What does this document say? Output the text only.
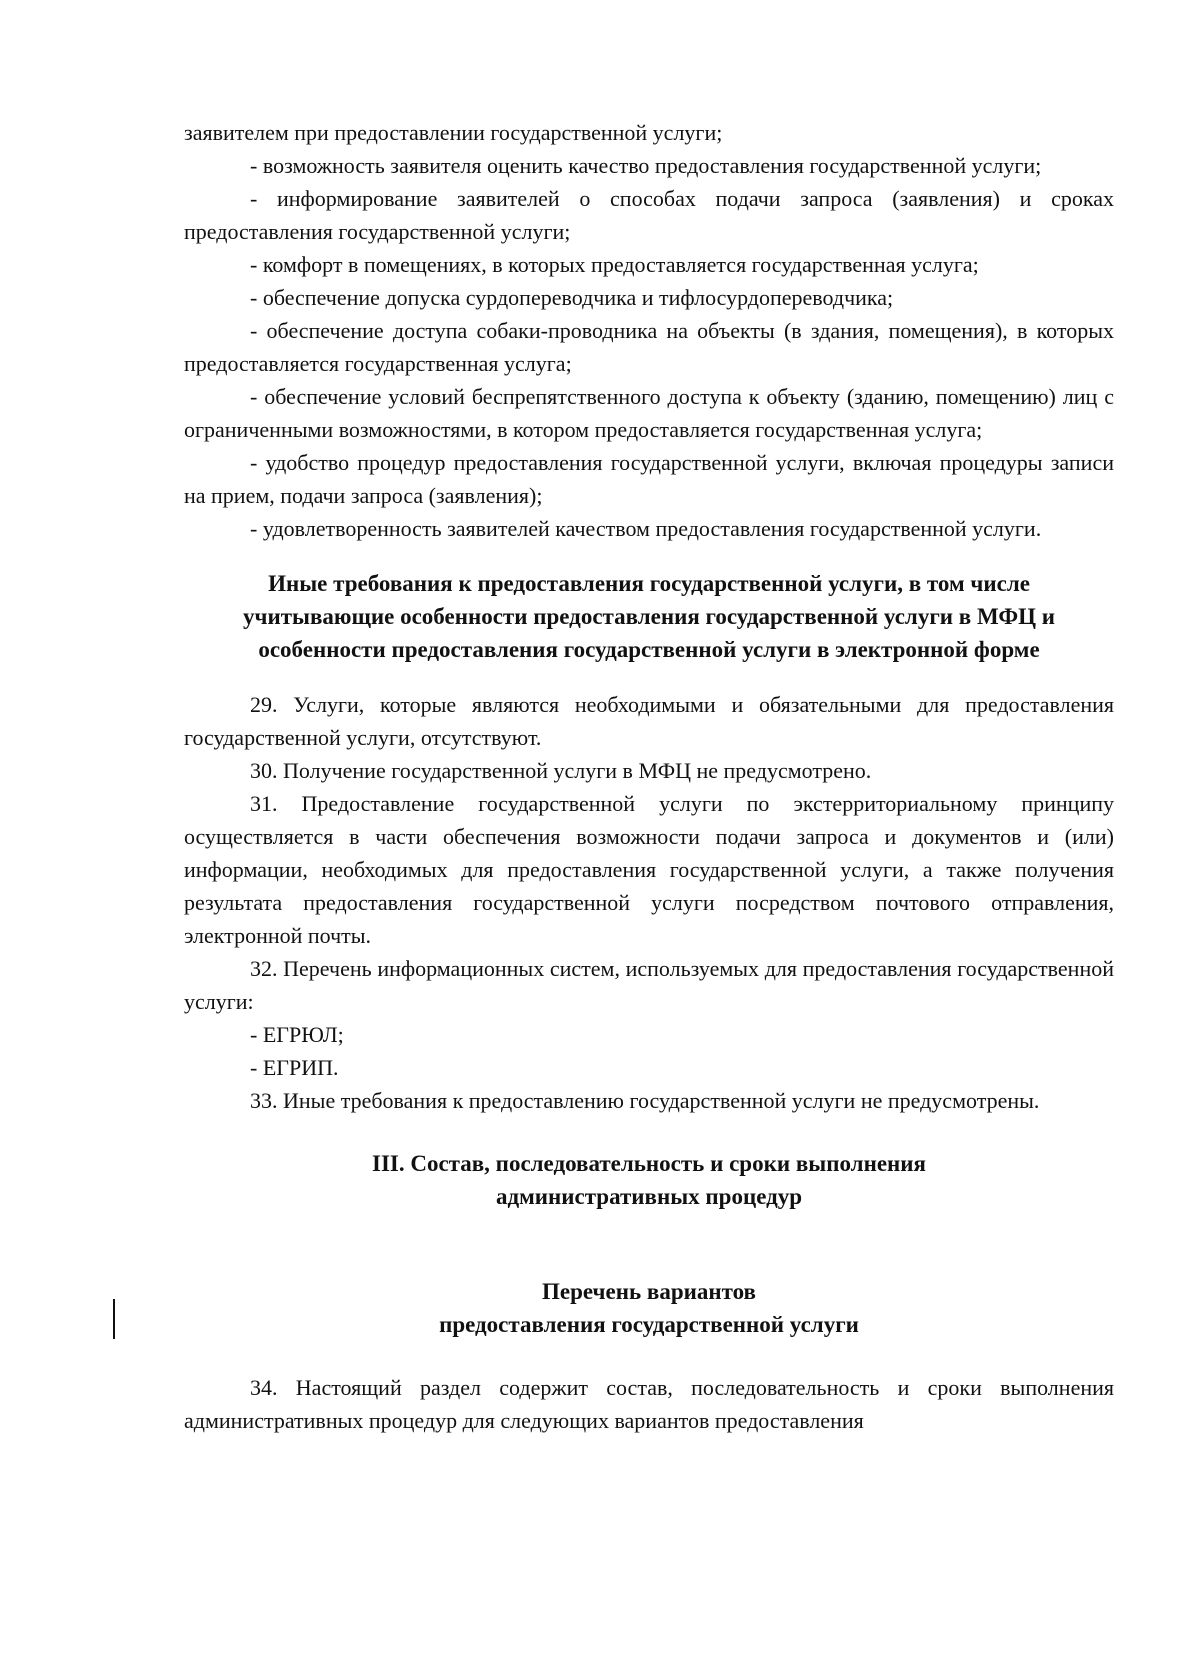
заявителем при предоставлении государственной услуги;

- возможность заявителя оценить качество предоставления государственной услуги;

- информирование заявителей о способах подачи запроса (заявления) и сроках предоставления государственной услуги;

- комфорт в помещениях, в которых предоставляется государственная услуга;

- обеспечение допуска сурдопереводчика и тифлосурдопереводчика;

- обеспечение доступа собаки-проводника на объекты (в здания, помещения), в которых предоставляется государственная услуга;

- обеспечение условий беспрепятственного доступа к объекту (зданию, помещению) лиц с ограниченными возможностями, в котором предоставляется государственная услуга;

- удобство процедур предоставления государственной услуги, включая процедуры записи на прием, подачи запроса (заявления);

- удовлетворенность заявителей качеством предоставления государственной услуги.

Иные требования к предоставления государственной услуги, в том числе
учитывающие особенности предоставления государственной услуги в МФЦ и
особенности предоставления государственной услуги в электронной форме

29. Услуги, которые являются необходимыми и обязательными для предоставления государственной услуги, отсутствуют.

30. Получение государственной услуги в МФЦ не предусмотрено.

31. Предоставление государственной услуги по экстерриториальному принципу осуществляется в части обеспечения возможности подачи запроса и документов и (или) информации, необходимых для предоставления государственной услуги, а также получения результата предоставления государственной услуги посредством почтового отправления, электронной почты.

32. Перечень информационных систем, используемых для предоставления государственной услуги:

- ЕГРЮЛ;

- ЕГРИП.

33. Иные требования к предоставлению государственной услуги не предусмотрены.

III. Состав, последовательность и сроки выполнения
административных процедур
Перечень вариантов
предоставления государственной услуги

34. Настоящий раздел содержит состав, последовательность и сроки выполнения административных процедур для следующих вариантов предоставления
